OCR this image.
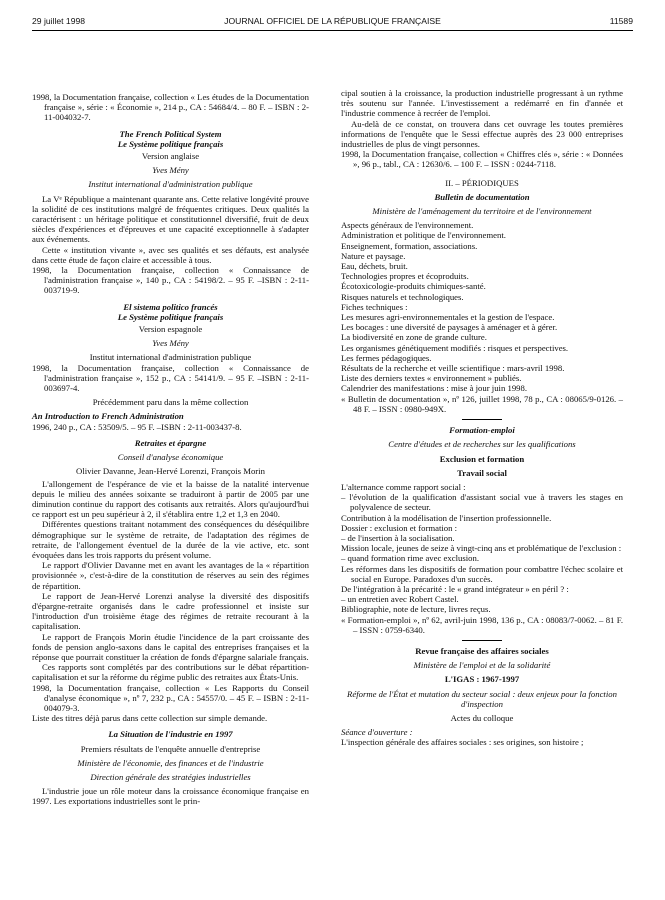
29 juillet 1998	JOURNAL OFFICIEL DE LA RÉPUBLIQUE FRANÇAISE	11589

1998, la Documentation française, collection « Les études de la Documentation française », série : « Économie », 214 p., CA : 54684/4. – 80 F. – ISBN : 2-11-004032-7.

The French Political System

Le Système politique français

Version anglaise

Yves Mény

Institut international d'administration publique

La Vᵉ République a maintenant quarante ans. Cette relative longévité prouve la solidité de ces institutions malgré de fréquentes critiques. Deux qualités la caractérisent : un héritage politique et constitutionnel diversifié, fruit de deux siècles d'expériences et d'épreuves et une capacité exceptionnelle à s'adapter aux événements.

Cette « institution vivante », avec ses qualités et ses défauts, est analysée dans cette étude de façon claire et accessible à tous.

1998, la Documentation française, collection « Connaissance de l'administration française », 140 p., CA : 54198/2. – 95 F. –ISBN : 2-11-003719-9.

El sistema politico francés

Le Système politique français

Version espagnole

Yves Mény

Institut international d'administration publique

1998, la Documentation française, collection « Connaissance de l'administration française », 152 p., CA : 54141/9. – 95 F. –ISBN : 2-11-003697-4.

Précédemment paru dans la même collection

An Introduction to French Administration

1996, 240 p., CA : 53509/5. – 95 F. –ISBN : 2-11-003437-8.

Retraites et épargne

Conseil d'analyse économique

Olivier Davanne, Jean-Hervé Lorenzi, François Morin

L'allongement de l'espérance de vie et la baisse de la natalité intervenue depuis le milieu des années soixante se traduiront à partir de 2005 par une diminution continue du rapport des cotisants aux retraités. Alors qu'aujourd'hui ce rapport est un peu supérieur à 2, il s'établira entre 1,2 et 1,3 en 2040.

Différentes questions traitant notamment des conséquences du déséquilibre démographique sur le système de retraite, de l'adaptation des régimes de retraite, de l'allongement éventuel de la durée de la vie active, etc. sont évoquées dans les trois rapports du présent volume.

Le rapport d'Olivier Davanne met en avant les avantages de la « répartition provisionnée », c'est-à-dire de la constitution de réserves au sein des régimes de répartition.

Le rapport de Jean-Hervé Lorenzi analyse la diversité des dispositifs d'épargne-retraite organisés dans le cadre professionnel et insiste sur l'introduction d'un troisième étage des régimes de retraite recourant à la capitalisation.

Le rapport de François Morin étudie l'incidence de la part croissante des fonds de pension anglo-saxons dans le capital des entreprises françaises et la réponse que pourrait constituer la création de fonds d'épargne salariale français.

Ces rapports sont complétés par des contributions sur le débat répartition-capitalisation et sur la réforme du régime public des retraites aux États-Unis.

1998, la Documentation française, collection « Les Rapports du Conseil d'analyse économique », nº 7, 232 p., CA : 54557/0. – 45 F. – ISBN : 2-11-004079-3.

Liste des titres déjà parus dans cette collection sur simple demande.

La Situation de l'industrie en 1997

Premiers résultats de l'enquête annuelle d'entreprise

Ministère de l'économie, des finances et de l'industrie

Direction générale des stratégies industrielles

L'industrie joue un rôle moteur dans la croissance économique française en 1997. Les exportations industrielles sont le prin-

cipal soutien à la croissance, la production industrielle progressant à un rythme très soutenu sur l'année. L'investissement a redémarré en fin d'année et l'industrie commence à recréer de l'emploi.

Au-delà de ce constat, on trouvera dans cet ouvrage les toutes premières informations de l'enquête que le Sessi effectue auprès des 23 000 entreprises industrielles de plus de vingt personnes.

1998, la Documentation française, collection « Chiffres clés », série : « Données », 96 p., tabl., CA : 12630/6. – 100 F. – ISSN : 0244-7118.

II. – PÉRIODIQUES

Bulletin de documentation

Ministère de l'aménagement du territoire et de l'environnement

Aspects généraux de l'environnement.

Administration et politique de l'environnement.

Enseignement, formation, associations.

Nature et paysage.

Eau, déchets, bruit.

Technologies propres et écoproduits.

Écotoxicologie-produits chimiques-santé.

Risques naturels et technologiques.

Fiches techniques :

Les mesures agri-environnementales et la gestion de l'espace.

Les bocages : une diversité de paysages à aménager et à gérer.

La biodiversité en zone de grande culture.

Les organismes génétiquement modifiés : risques et perspectives.

Les fermes pédagogiques.

Résultats de la recherche et veille scientifique : mars-avril 1998.

Liste des derniers textes « environnement » publiés.

Calendrier des manifestations : mise à jour juin 1998.

« Bulletin de documentation », nº 126, juillet 1998, 78 p., CA : 08065/9-0126. – 48 F. – ISSN : 0980-949X.

Formation-emploi

Centre d'études et de recherches sur les qualifications

Exclusion et formation

Travail social

L'alternance comme rapport social :

– l'évolution de la qualification d'assistant social vue à travers les stages en polyvalence de secteur.

Contribution à la modélisation de l'insertion professionnelle.

Dossier : exclusion et formation :

– de l'insertion à la socialisation.

Mission locale, jeunes de seize à vingt-cinq ans et problématique de l'exclusion :

– quand formation rime avec exclusion.

Les réformes dans les dispositifs de formation pour combattre l'échec scolaire et social en Europe. Paradoxes d'un succès.

De l'intégration à la précarité : le « grand intégrateur » en péril ? :

– un entretien avec Robert Castel.

Bibliographie, note de lecture, livres reçus.

« Formation-emploi », nº 62, avril-juin 1998, 136 p., CA : 08083/7-0062. – 81 F. – ISSN : 0759-6340.

Revue française des affaires sociales

Ministère de l'emploi et de la solidarité

L'IGAS : 1967-1997

Réforme de l'État et mutation du secteur social : deux enjeux pour la fonction d'inspection

Actes du colloque

Séance d'ouverture :

L'inspection générale des affaires sociales : ses origines, son histoire ;
